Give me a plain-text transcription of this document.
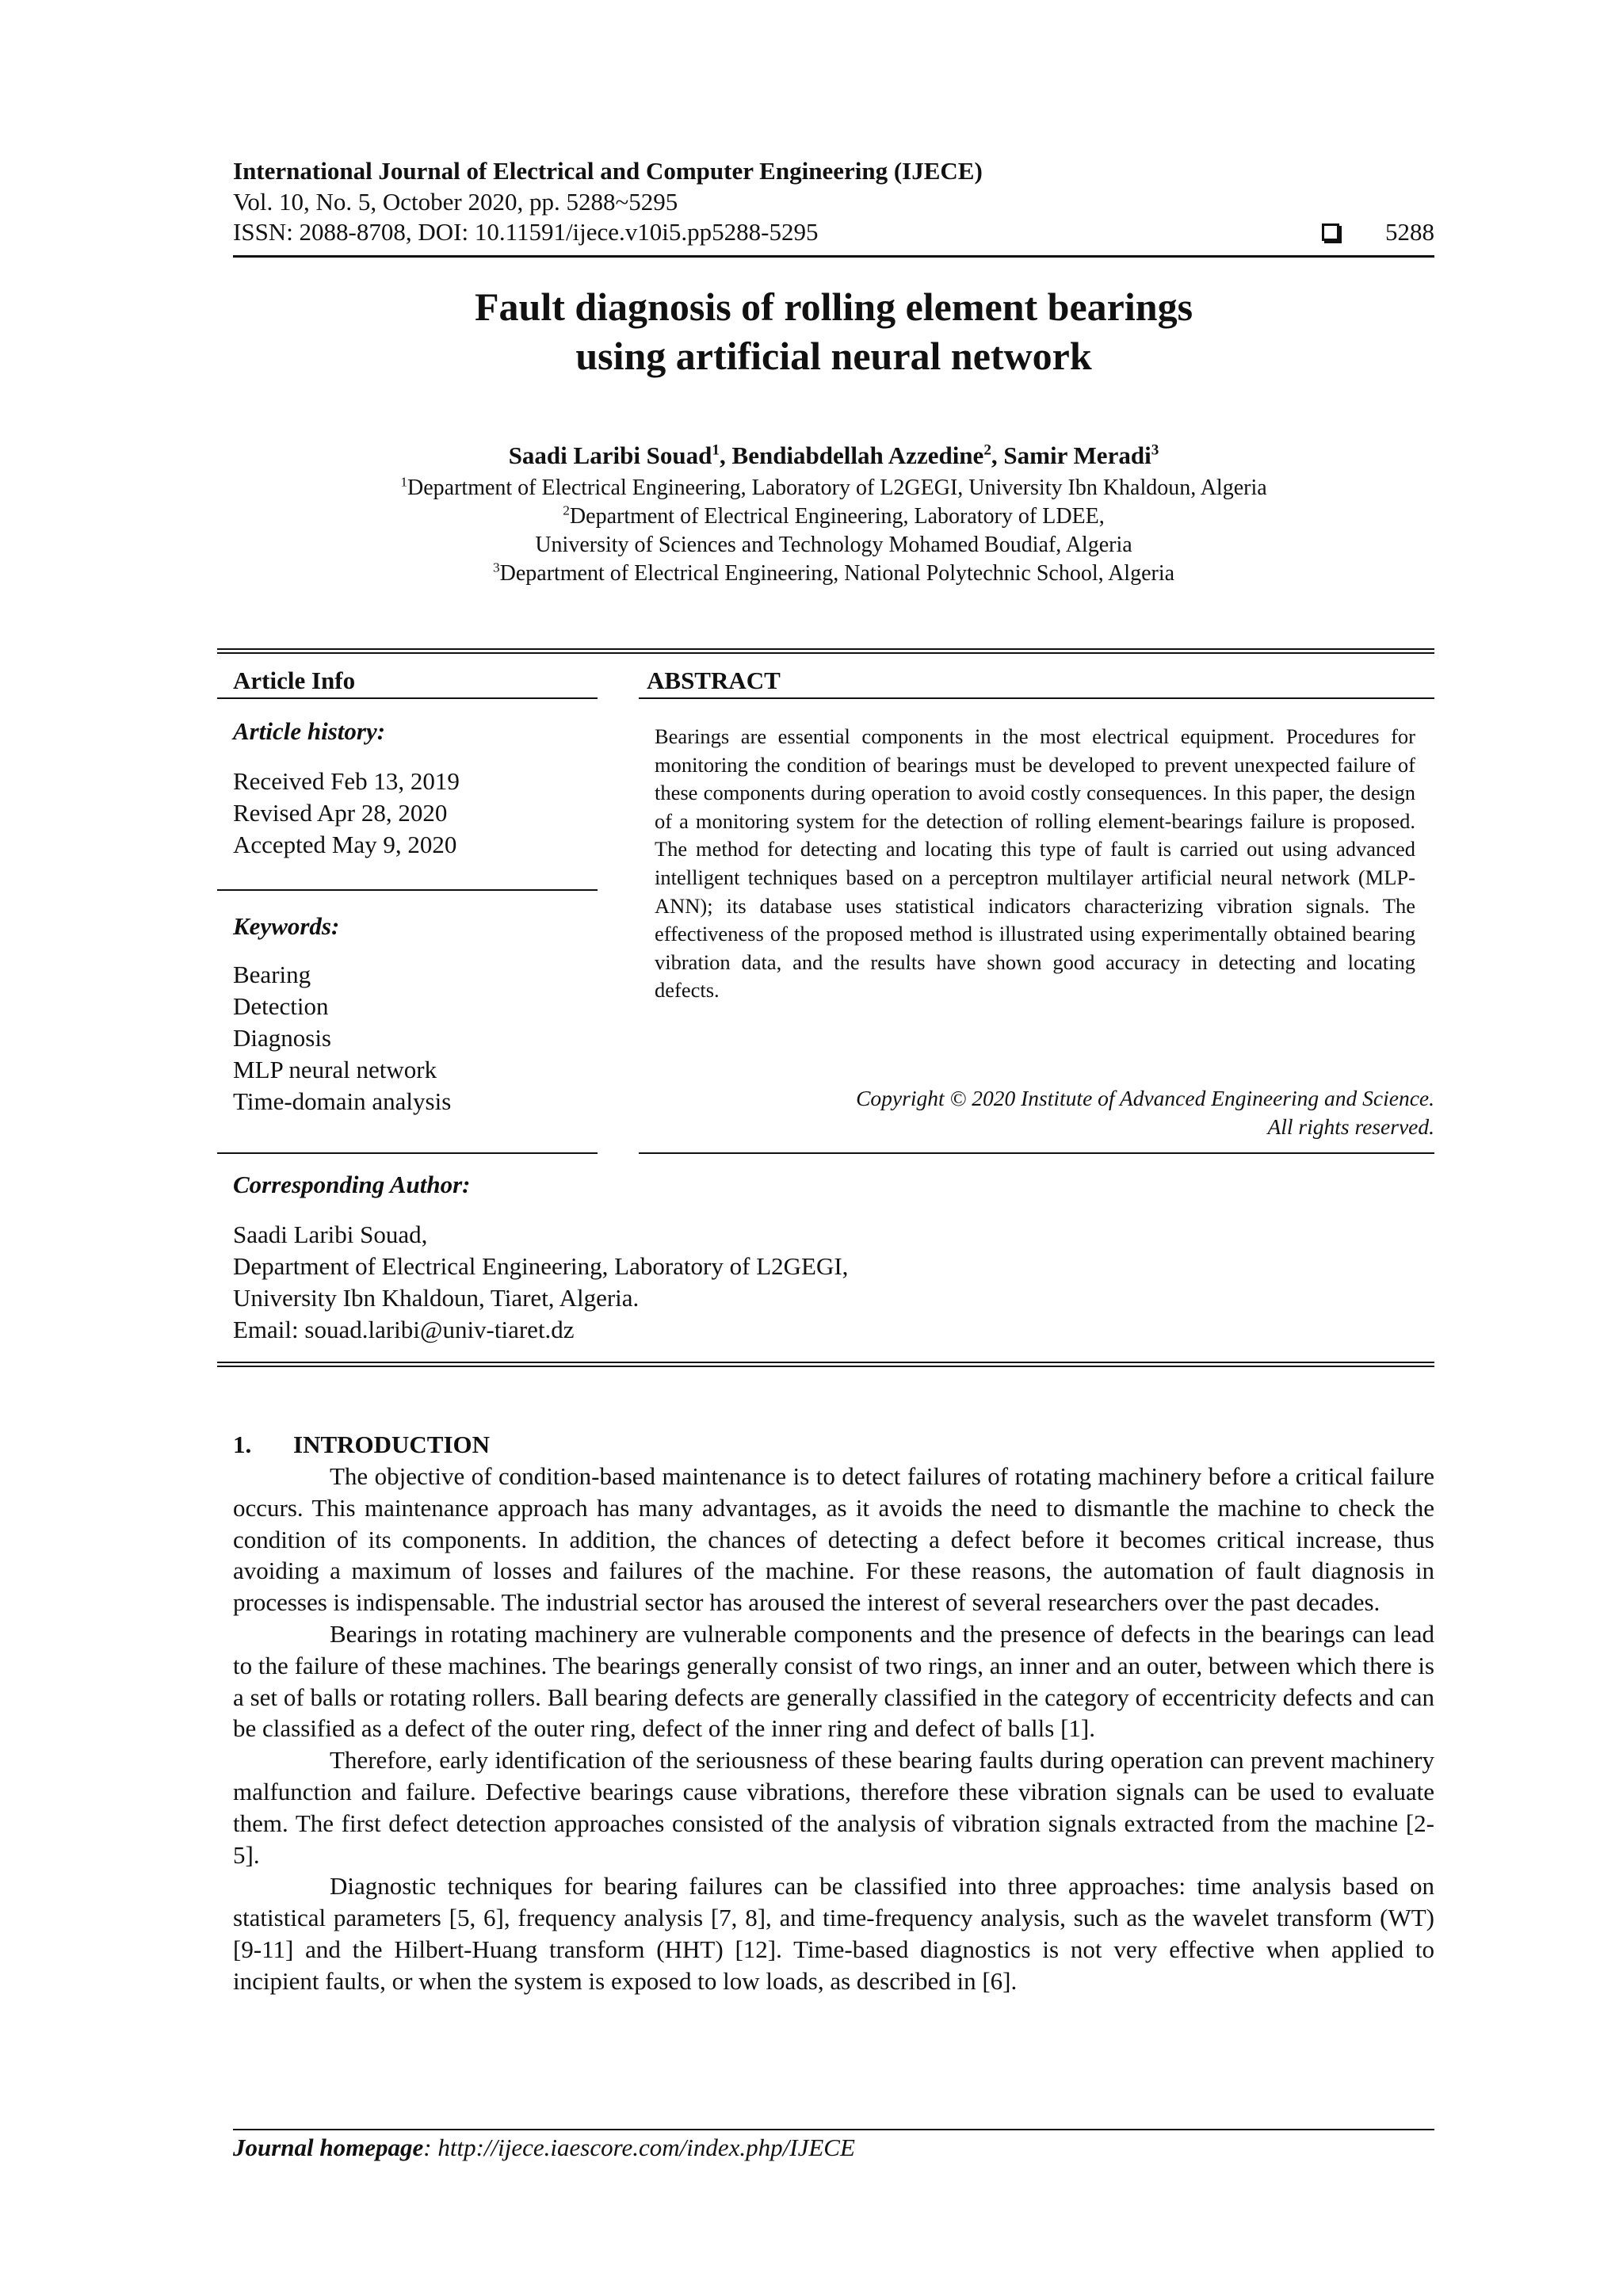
International Journal of Electrical and Computer Engineering (IJECE)
Vol. 10, No. 5, October 2020, pp. 5288~5295
ISSN: 2088-8708, DOI: 10.11591/ijece.v10i5.pp5288-5295	5288
Fault diagnosis of rolling element bearings
using artificial neural network
Saadi Laribi Souad$^1$, Bendiabdellah Azzedine$^2$, Samir Meradi$^3$
$^1$Department of Electrical Engineering, Laboratory of L2GEGI, University Ibn Khaldoun, Algeria
$^2$Department of Electrical Engineering, Laboratory of LDEE,
University of Sciences and Technology Mohamed Boudiaf, Algeria
$^3$Department of Electrical Engineering, National Polytechnic School, Algeria
Article Info	ABSTRACT
Article history:
Received Feb 13, 2019
Revised Apr 28, 2020
Accepted May 9, 2020
Keywords:
Bearing
Detection
Diagnosis
MLP neural network
Time-domain analysis
Bearings are essential components in the most electrical equipment. Procedures for monitoring the condition of bearings must be developed to prevent unexpected failure of these components during operation to avoid costly consequences. In this paper, the design of a monitoring system for the detection of rolling element-bearings failure is proposed. The method for detecting and locating this type of fault is carried out using advanced intelligent techniques based on a perceptron multilayer artificial neural network (MLP-ANN); its database uses statistical indicators characterizing vibration signals. The effectiveness of the proposed method is illustrated using experimentally obtained bearing vibration data, and the results have shown good accuracy in detecting and locating defects.
Copyright © 2020 Institute of Advanced Engineering and Science.
All rights reserved.
Corresponding Author:
Saadi Laribi Souad,
Department of Electrical Engineering, Laboratory of L2GEGI,
University Ibn Khaldoun, Tiaret, Algeria.
Email: souad.laribi@univ-tiaret.dz
1. INTRODUCTION

The objective of condition-based maintenance is to detect failures of rotating machinery before a critical failure occurs. This maintenance approach has many advantages, as it avoids the need to dismantle the machine to check the condition of its components. In addition, the chances of detecting a defect before it becomes critical increase, thus avoiding a maximum of losses and failures of the machine. For these reasons, the automation of fault diagnosis in processes is indispensable. The industrial sector has aroused the interest of several researchers over the past decades.

Bearings in rotating machinery are vulnerable components and the presence of defects in the bearings can lead to the failure of these machines. The bearings generally consist of two rings, an inner and an outer, between which there is a set of balls or rotating rollers. Ball bearing defects are generally classified in the category of eccentricity defects and can be classified as a defect of the outer ring, defect of the inner ring and defect of balls [1].

Therefore, early identification of the seriousness of these bearing faults during operation can prevent machinery malfunction and failure. Defective bearings cause vibrations, therefore these vibration signals can be used to evaluate them. The first defect detection approaches consisted of the analysis of vibration signals extracted from the machine [2-5].

Diagnostic techniques for bearing failures can be classified into three approaches: time analysis based on statistical parameters [5, 6], frequency analysis [7, 8], and time-frequency analysis, such as the wavelet transform (WT) [9-11] and the Hilbert-Huang transform (HHT) [12]. Time-based diagnostics is not very effective when applied to incipient faults, or when the system is exposed to low loads, as described in [6].

Journal homepage: http://ijece.iaescore.com/index.php/IJECE
